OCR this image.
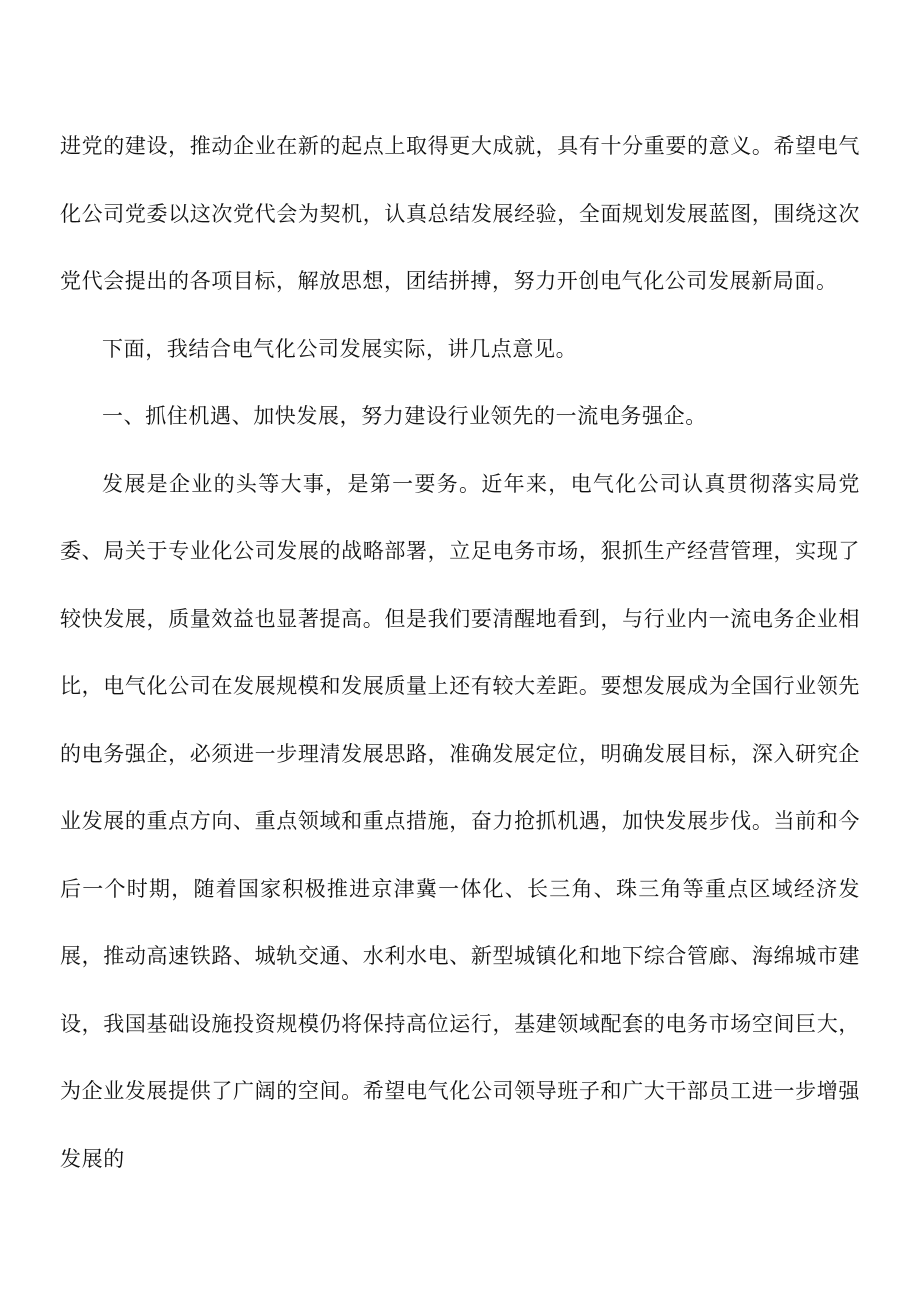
进党的建设，推动企业在新的起点上取得更大成就，具有十分重要的意义。希望电气化公司党委以这次党代会为契机，认真总结发展经验，全面规划发展蓝图，围绕这次党代会提出的各项目标，解放思想，团结拼搏，努力开创电气化公司发展新局面。

下面，我结合电气化公司发展实际，讲几点意见。

一、抓住机遇、加快发展，努力建设行业领先的一流电务强企。

发展是企业的头等大事，是第一要务。近年来，电气化公司认真贯彻落实局党委、局关于专业化公司发展的战略部署，立足电务市场，狠抓生产经营管理，实现了较快发展，质量效益也显著提高。但是我们要清醒地看到，与行业内一流电务企业相比，电气化公司在发展规模和发展质量上还有较大差距。要想发展成为全国行业领先的电务强企，必须进一步理清发展思路，准确发展定位，明确发展目标，深入研究企业发展的重点方向、重点领域和重点措施，奋力抢抓机遇，加快发展步伐。当前和今后一个时期，随着国家积极推进京津冀一体化、长三角、珠三角等重点区域经济发展，推动高速铁路、城轨交通、水利水电、新型城镇化和地下综合管廊、海绵城市建设，我国基础设施投资规模仍将保持高位运行，基建领域配套的电务市场空间巨大，为企业发展提供了广阔的空间。希望电气化公司领导班子和广大干部员工进一步增强发展的
